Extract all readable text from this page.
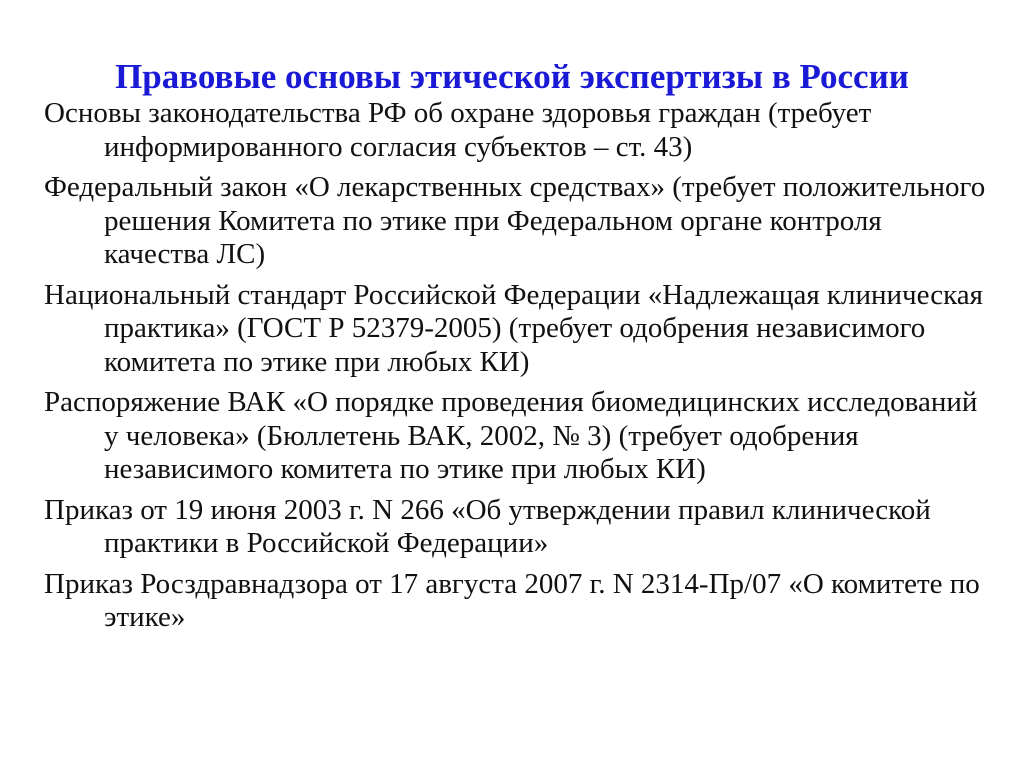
Правовые основы этической экспертизы в России
Основы законодательства РФ об охране здоровья граждан (требует информированного согласия субъектов – ст. 43)
Федеральный закон «О лекарственных средствах» (требует положительного решения Комитета по этике при Федеральном органе контроля качества ЛС)
Национальный стандарт Российской Федерации «Надлежащая клиническая практика» (ГОСТ Р 52379-2005) (требует одобрения независимого комитета по этике при любых КИ)
Распоряжение ВАК «О порядке проведения биомедицинских исследований у человека» (Бюллетень ВАК, 2002, № 3) (требует одобрения независимого комитета по этике при любых КИ)
Приказ от 19 июня 2003 г. N 266 «Об утверждении правил клинической практики в Российской Федерации»
Приказ Росздравнадзора от 17 августа 2007 г. N 2314-Пр/07 «О комитете по этике»
